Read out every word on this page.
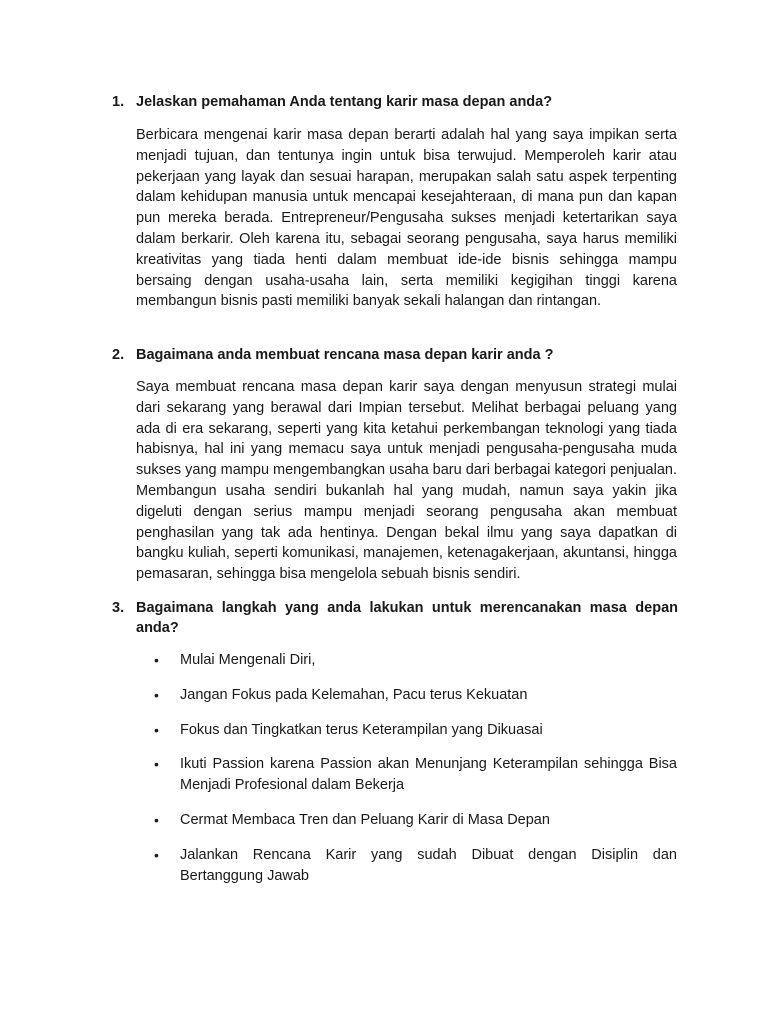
1. Jelaskan pemahaman Anda tentang karir masa depan anda?

Berbicara mengenai karir masa depan berarti adalah hal yang saya impikan serta menjadi tujuan, dan tentunya ingin untuk bisa terwujud. Memperoleh karir atau pekerjaan yang layak dan sesuai harapan, merupakan salah satu aspek terpenting dalam kehidupan manusia untuk mencapai kesejahteraan, di mana pun dan kapan pun mereka berada. Entrepreneur/Pengusaha sukses menjadi ketertarikan saya dalam berkarir. Oleh karena itu, sebagai seorang pengusaha, saya harus memiliki kreativitas yang tiada henti dalam membuat ide-ide bisnis sehingga mampu bersaing dengan usaha-usaha lain, serta memiliki kegigihan tinggi karena membangun bisnis pasti memiliki banyak sekali halangan dan rintangan.

2. Bagaimana anda membuat rencana masa depan karir anda ?

Saya membuat rencana masa depan karir saya dengan menyusun strategi mulai dari sekarang yang berawal dari Impian tersebut. Melihat berbagai peluang yang ada di era sekarang, seperti yang kita ketahui perkembangan teknologi yang tiada habisnya, hal ini yang memacu saya untuk menjadi pengusaha-pengusaha muda sukses yang mampu mengembangkan usaha baru dari berbagai kategori penjualan. Membangun usaha sendiri bukanlah hal yang mudah, namun saya yakin jika digeluti dengan serius mampu menjadi seorang pengusaha akan membuat penghasilan yang tak ada hentinya. Dengan bekal ilmu yang saya dapatkan di bangku kuliah, seperti komunikasi, manajemen, ketenagakerjaan, akuntansi, hingga pemasaran, sehingga bisa mengelola sebuah bisnis sendiri.

3. Bagaimana langkah yang anda lakukan untuk merencanakan masa depan anda?
•	Mulai Mengenali Diri,
•	Jangan Fokus pada Kelemahan, Pacu terus Kekuatan
•	Fokus dan Tingkatkan terus Keterampilan yang Dikuasai
•	Ikuti Passion karena Passion akan Menunjang Keterampilan sehingga Bisa Menjadi Profesional dalam Bekerja
•	Cermat Membaca Tren dan Peluang Karir di Masa Depan
•	Jalankan Rencana Karir yang sudah Dibuat dengan Disiplin dan Bertanggung Jawab
